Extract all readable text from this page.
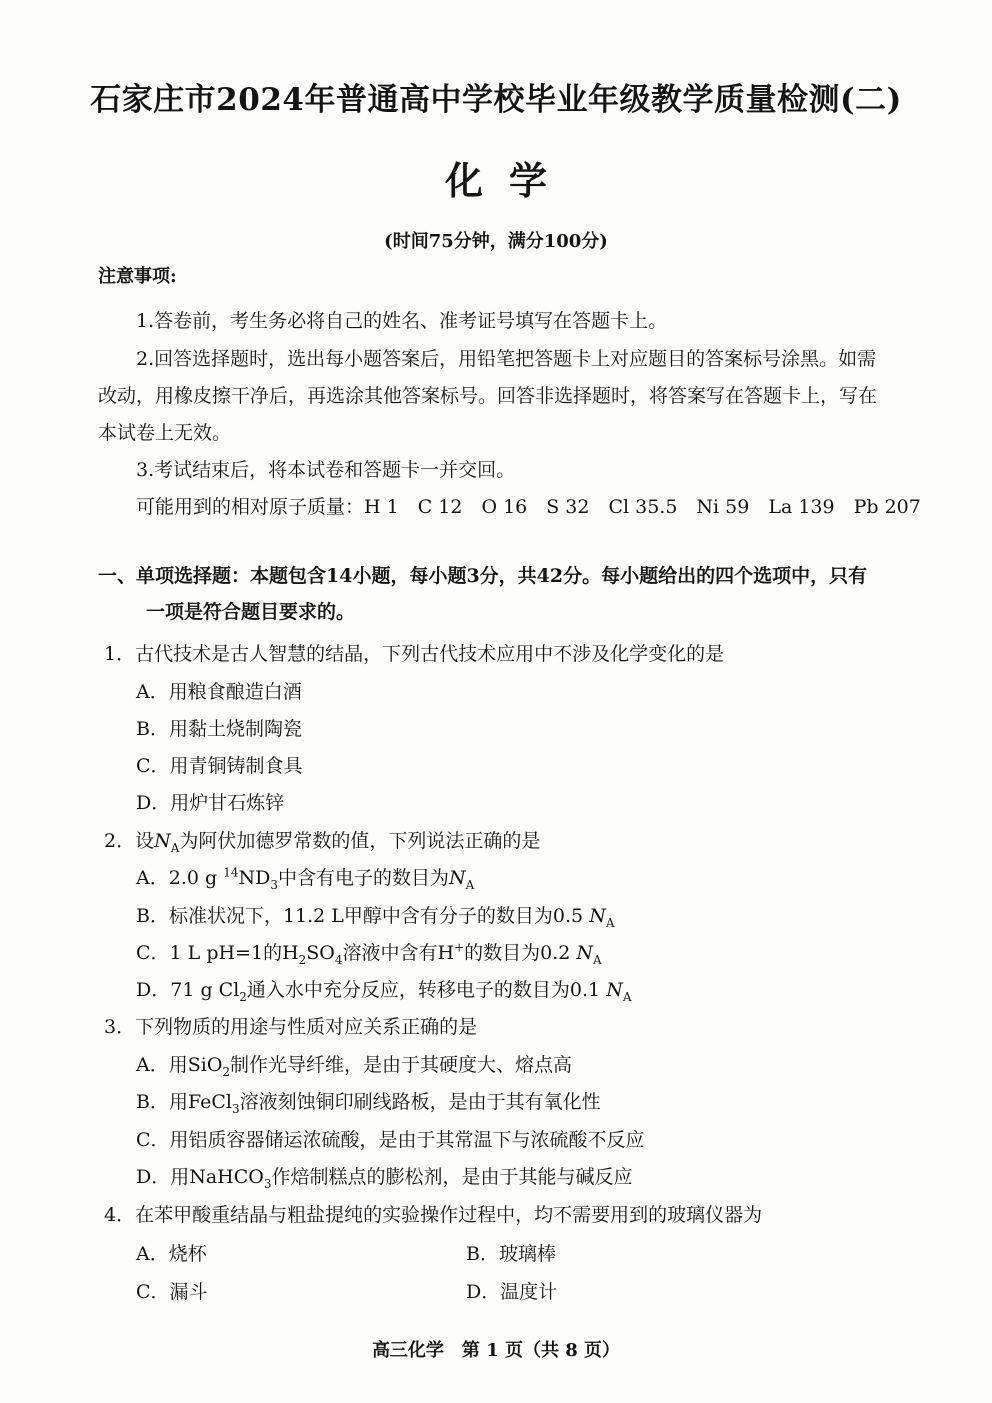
石家庄市2024年普通高中学校毕业年级教学质量检测(二)
化学
(时间75分钟，满分100分)
注意事项:
1.答卷前，考生务必将自己的姓名、准考证号填写在答题卡上。
2.回答选择题时，选出每小题答案后，用铅笔把答题卡上对应题目的答案标号涂黑。如需
改动，用橡皮擦干净后，再选涂其他答案标号。回答非选择题时，将答案写在答题卡上，写在
本试卷上无效。
3.考试结束后，将本试卷和答题卡一并交回。
可能用到的相对原子质量：H 1　C 12　O 16　S 32　Cl 35.5　Ni 59　La 139　Pb 207
一、单项选择题：本题包含14小题，每小题3分，共42分。每小题给出的四个选项中，只有
一项是符合题目要求的。
1．古代技术是古人智慧的结晶，下列古代技术应用中不涉及化学变化的是
A．用粮食酿造白酒
B．用黏土烧制陶瓷
C．用青铜铸制食具
D．用炉甘石炼锌
2．设$N_A$为阿伏加德罗常数的值，下列说法正确的是
A．2.0 g $^{14}ND_3$中含有电子的数目为$N_A$
B．标准状况下，11.2 L甲醇中含有分子的数目为0.5 $N_A$
C．1 L pH=1的$H_2SO_4$溶液中含有H+的数目为0.2 $N_A$
D．71 g $Cl_2$通入水中充分反应，转移电子的数目为0.1 $N_A$
3．下列物质的用途与性质对应关系正确的是
A．用SiO$_2$制作光导纤维，是由于其硬度大、熔点高
B．用FeCl$_3$溶液刻蚀铜印刷线路板，是由于其有氧化性
C．用铝质容器储运浓硫酸，是由于其常温下与浓硫酸不反应
D．用NaHCO$_3$作焙制糕点的膨松剂，是由于其能与碱反应
4．在苯甲酸重结晶与粗盐提纯的实验操作过程中，均不需要用到的玻璃仪器为
A．烧杯	B．玻璃棒
C．漏斗	D．温度计
高三化学　第 1 页（共 8 页）
